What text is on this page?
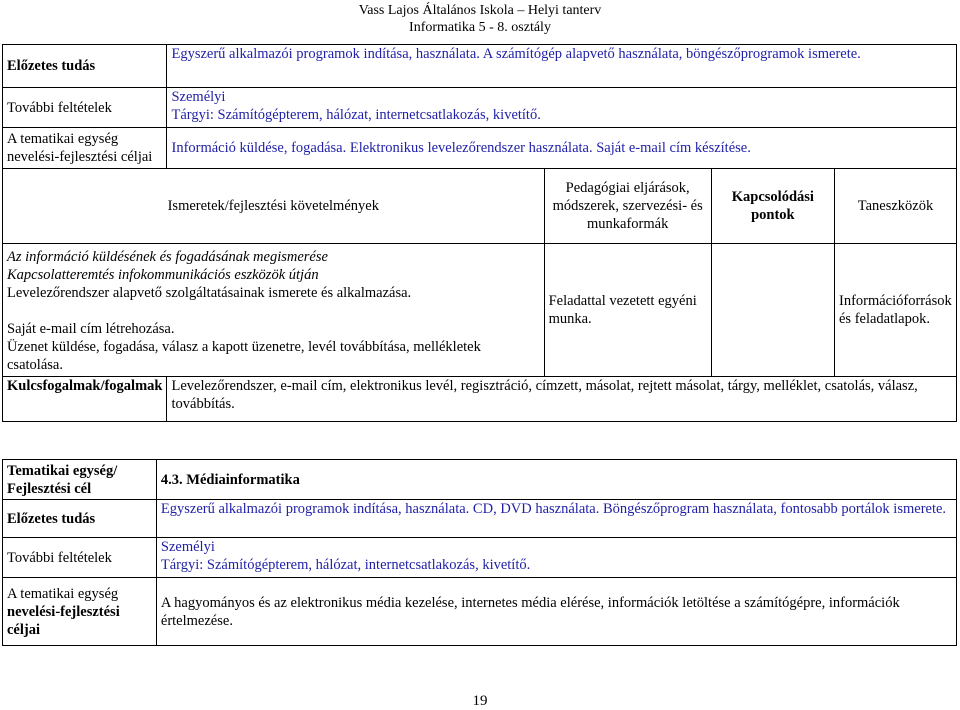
Vass Lajos Általános Iskola – Helyi tanterv
Informatika 5 - 8. osztály
Előzetes tudás	Egyszerű alkalmazói programok indítása, használata. A számítógép alapvető használata, böngészőprogramok ismerete.			
További feltételek	Személyi

Tárgyi: Számítógépterem, hálózat, internetcsatlakozás, kivetítő.			

A tematikai egység

nevelési-fejlesztési céljai	Információ küldése, fogadása. Elektronikus levelezőrendszer használata. Saját e-mail cím készítése.			
Ismeretek/fejlesztési követelmények		Pedagógiai eljárások, módszerek, szervezési- és munkaformák	Kapcsolódási pontok	Taneszközök

Az információ küldésének és fogadásának megismerése

Kapcsolatteremtés infokommunikációs eszközök útján

Levelezőrendszer alapvető szolgáltatásainak ismerete és alkalmazása.

Saját e-mail cím létrehozása.

Üzenet küldése, fogadása, válasz a kapott üzenetre, levél továbbítása, mellékletek csatolása.		Feladattal vezetett egyéni munka.		Információforrások és feladatlapok.
Kulcsfogalmak/fogalmak	Levelezőrendszer, e-mail cím, elektronikus levél, regisztráció, címzett, másolat, rejtett másolat, tárgy, melléklet, csatolás, válasz, továbbítás.			

Tematikai egység/

Fejlesztési cél	4.3. Médiainformatika
Előzetes tudás	Egyszerű alkalmazói programok indítása, használata. CD, DVD használata. Böngészőprogram használata, fontosabb portálok ismerete.
További feltételek	Személyi

Tárgyi: Számítógépterem, hálózat, internetcsatlakozás, kivetítő.

A tematikai egység

nevelési-fejlesztési

céljai	A hagyományos és az elektronikus média kezelése, internetes média elérése, információk letöltése a számítógépre, információk értelmezése.
19
